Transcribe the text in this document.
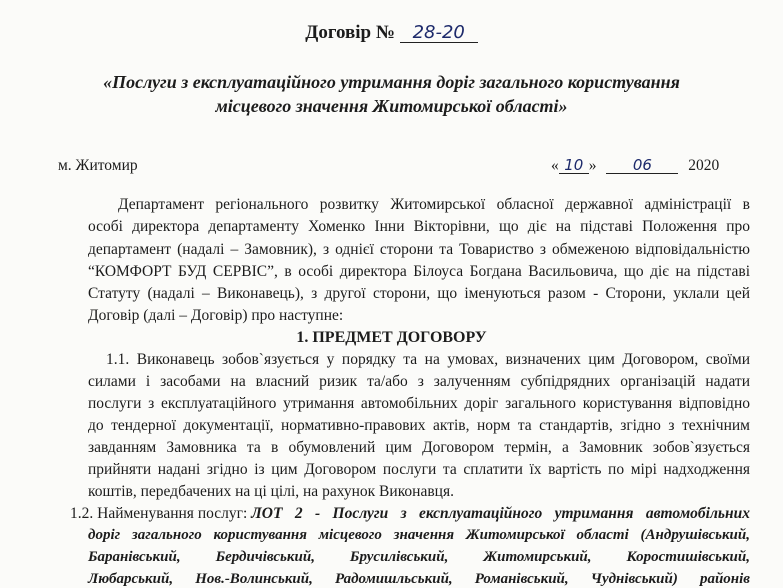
Договір № 28-20
«Послуги з експлуатаційного утримання доріг загального користування
місцевого значення Житомирської області»
м. Житомир	« 10 » 06 2020
Департамент регіонального розвитку Житомирської обласної державної адміністрації в
особі директора департаменту Хоменко Інни Вікторівни, що діє на підставі Положення про
департамент (надалі – Замовник), з однієї сторони та Товариство з обмеженою відповідальністю
“КОМФОРТ БУД СЕРВІС”, в особі директора Білоуса Богдана Васильовича, що діє на підставі
Статуту (надалі – Виконавець), з другої сторони, що іменуються разом - Сторони, уклали цей
Договір (далі – Договір) про наступне:
1. ПРЕДМЕТ ДОГОВОРУ
1.1. Виконавець зобов`язується у порядку та на умовах, визначених цим Договором, своїми
силами і засобами на власний ризик та/або з залученням субпідрядних організацій надати
послуги з експлуатаційного утримання автомобільних доріг загального користування відповідно
до тендерної документації, нормативно-правових актів, норм та стандартів, згідно з технічним
завданням Замовника та в обумовлений цим Договором термін, а Замовник зобов`язується
прийняти надані згідно із цим Договором послуги та сплатити їх вартість по мірі надходження
коштів, передбачених на ці цілі, на рахунок Виконавця.
1.2. Найменування послуг: ЛОТ 2 - Послуги з експлуатаційного утримання автомобільних
доріг загального користування місцевого значення Житомирської області (Андрушівський,
Баранівський, Бердичівський, Брусилівський, Житомирський, Коростишівський,
Любарський, Нов.-Волинський, Радомишльський, Романівський, Чуднівський) районів
